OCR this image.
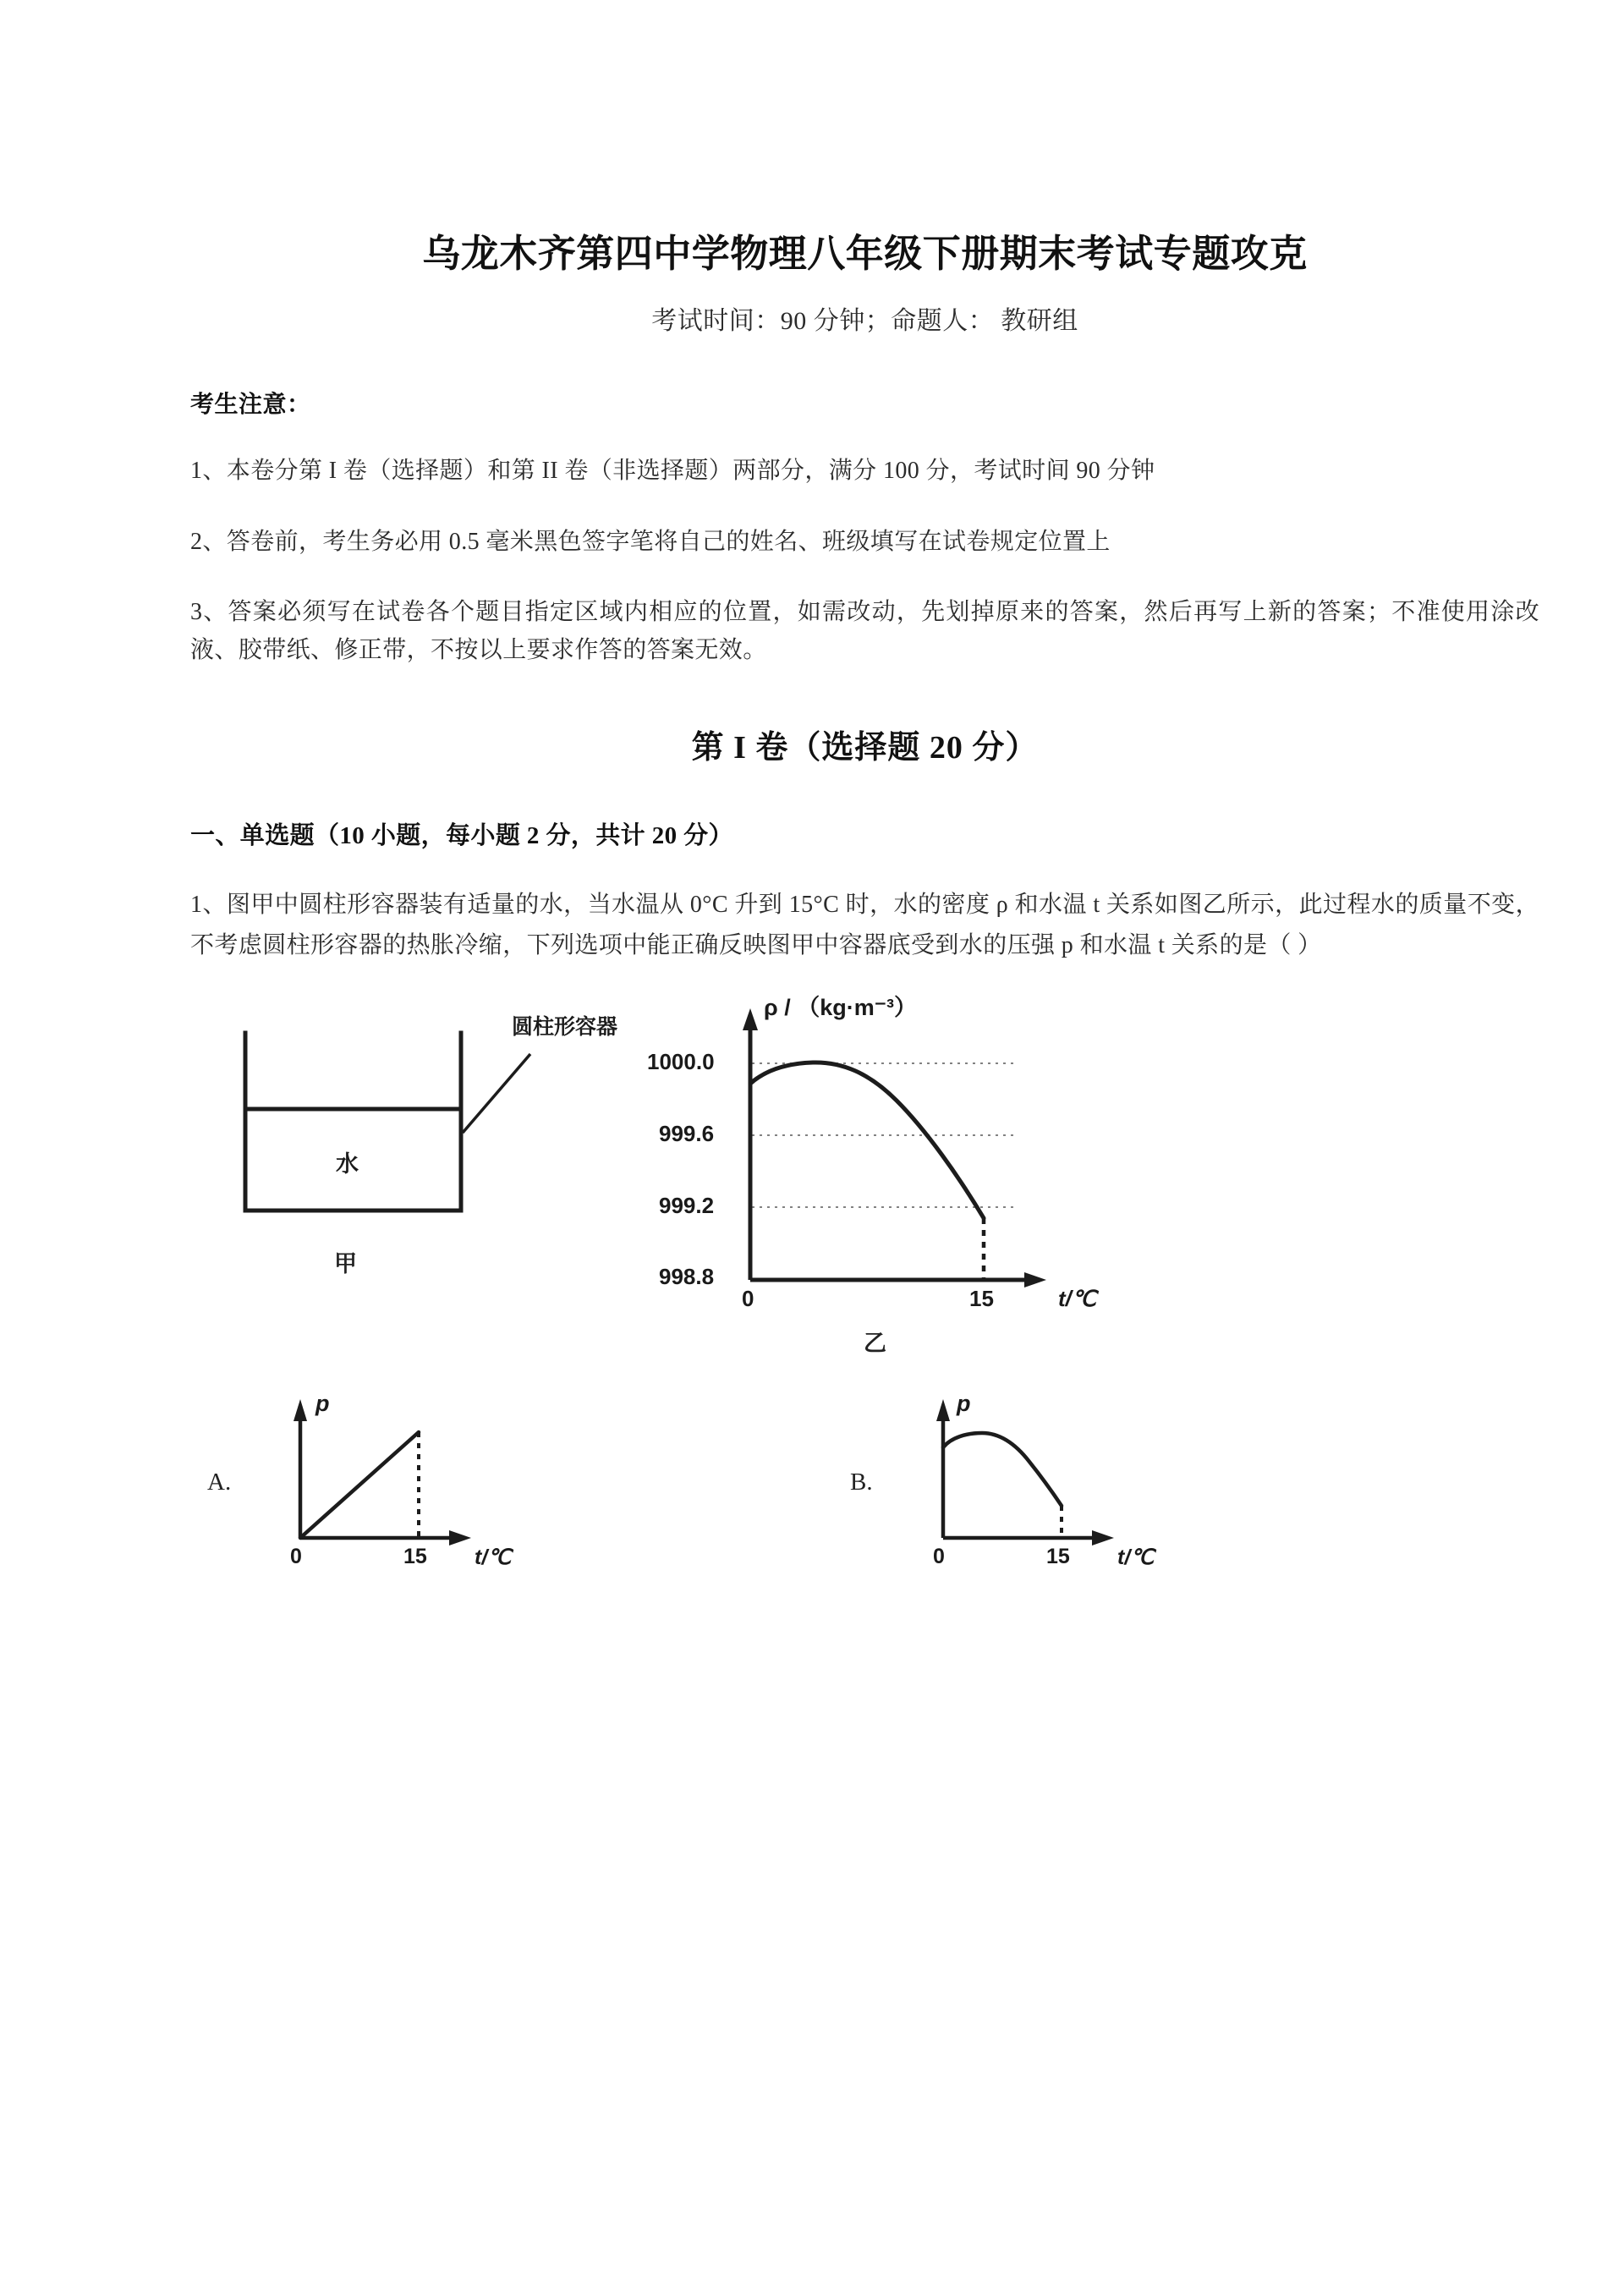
乌龙木齐第四中学物理八年级下册期末考试专题攻克
考试时间：90 分钟；命题人： 教研组
考生注意：

1、本卷分第 I 卷（选择题）和第 II 卷（非选择题）两部分，满分 100 分，考试时间 90 分钟

2、答卷前，考生务必用 0.5 毫米黑色签字笔将自己的姓名、班级填写在试卷规定位置上

3、答案必须写在试卷各个题目指定区域内相应的位置，如需改动，先划掉原来的答案，然后再写上新的答案；不准使用涂改液、胶带纸、修正带，不按以上要求作答的答案无效。

第 I 卷（选择题 20 分）
一、单选题（10 小题，每小题 2 分，共计 20 分）

1、图甲中圆柱形容器装有适量的水，当水温从 0°C 升到 15°C 时，水的密度 ρ 和水温 t 关系如图乙所示，此过程水的质量不变，不考虑圆柱形容器的热胀冷缩，下列选项中能正确反映图甲中容器底受到水的压强 p 和水温 t 关系的是（ ）

圆柱形容器
水
甲
1000.0
999.6
999.2
998.8
ρ / （kg·m⁻³）
t/℃
0	15
乙
A.
p
0	15 t/℃
B.
p
0	15 t/℃
